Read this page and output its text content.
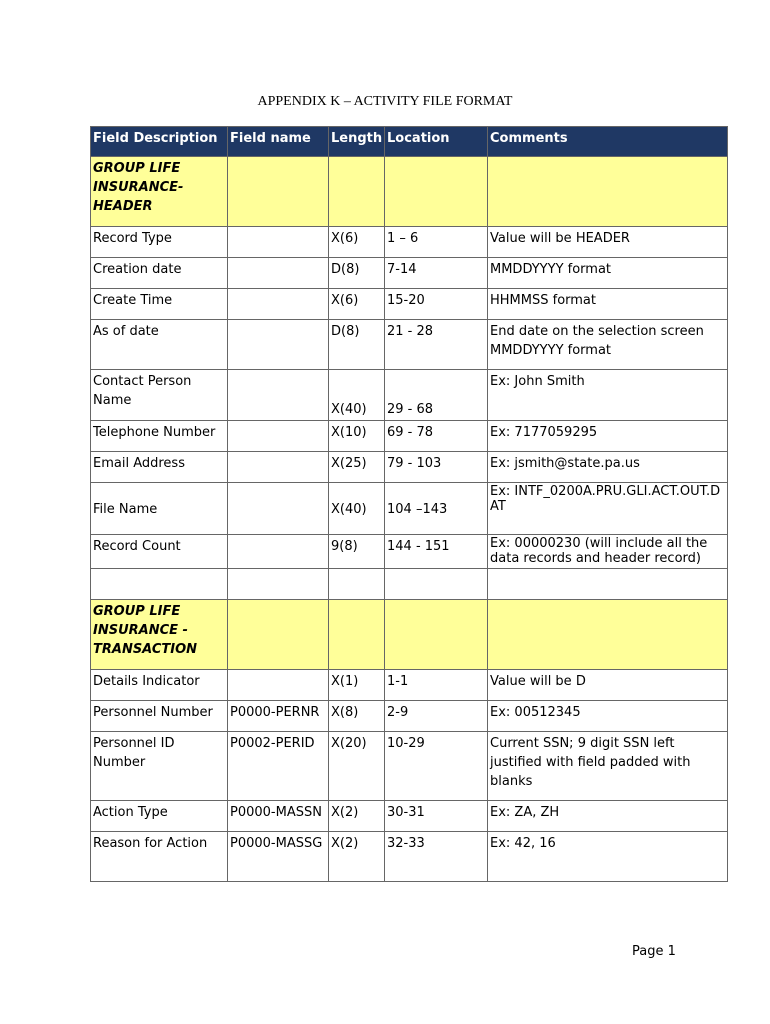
APPENDIX K – ACTIVITY FILE FORMAT
Field Description	Field name	Length	Location	Comments
GROUP LIFE INSURANCE-HEADER				
Record Type		X(6)	1 – 6	Value will be HEADER
Creation date		D(8)	7-14	MMDDYYYY format
Create Time		X(6)	15-20	HHMMSS format
As of date		D(8)	21 - 28	End date on the selection screen MMDDYYYY format
Contact Person Name		X(40)	29 - 68	Ex: John Smith
Telephone Number		X(10)	69 - 78	Ex: 7177059295
Email Address		X(25)	79 - 103	Ex: jsmith@state.pa.us
File Name		X(40)	104 –143	Ex: INTF_0200A.PRU.GLI.ACT.OUT.DAT
Record Count		9(8)	144 - 151	Ex: 00000230 (will include all the data records and header record)

GROUP LIFE INSURANCE -TRANSACTION				
Details Indicator		X(1)	1-1	Value will be D
Personnel Number	P0000-PERNR	X(8)	2-9	Ex: 00512345
Personnel ID Number	P0002-PERID	X(20)	10-29	Current SSN; 9 digit SSN left justified with field padded with blanks
Action Type	P0000-MASSN	X(2)	30-31	Ex: ZA, ZH
Reason for Action	P0000-MASSG	X(2)	32-33	Ex: 42, 16
Page 1
